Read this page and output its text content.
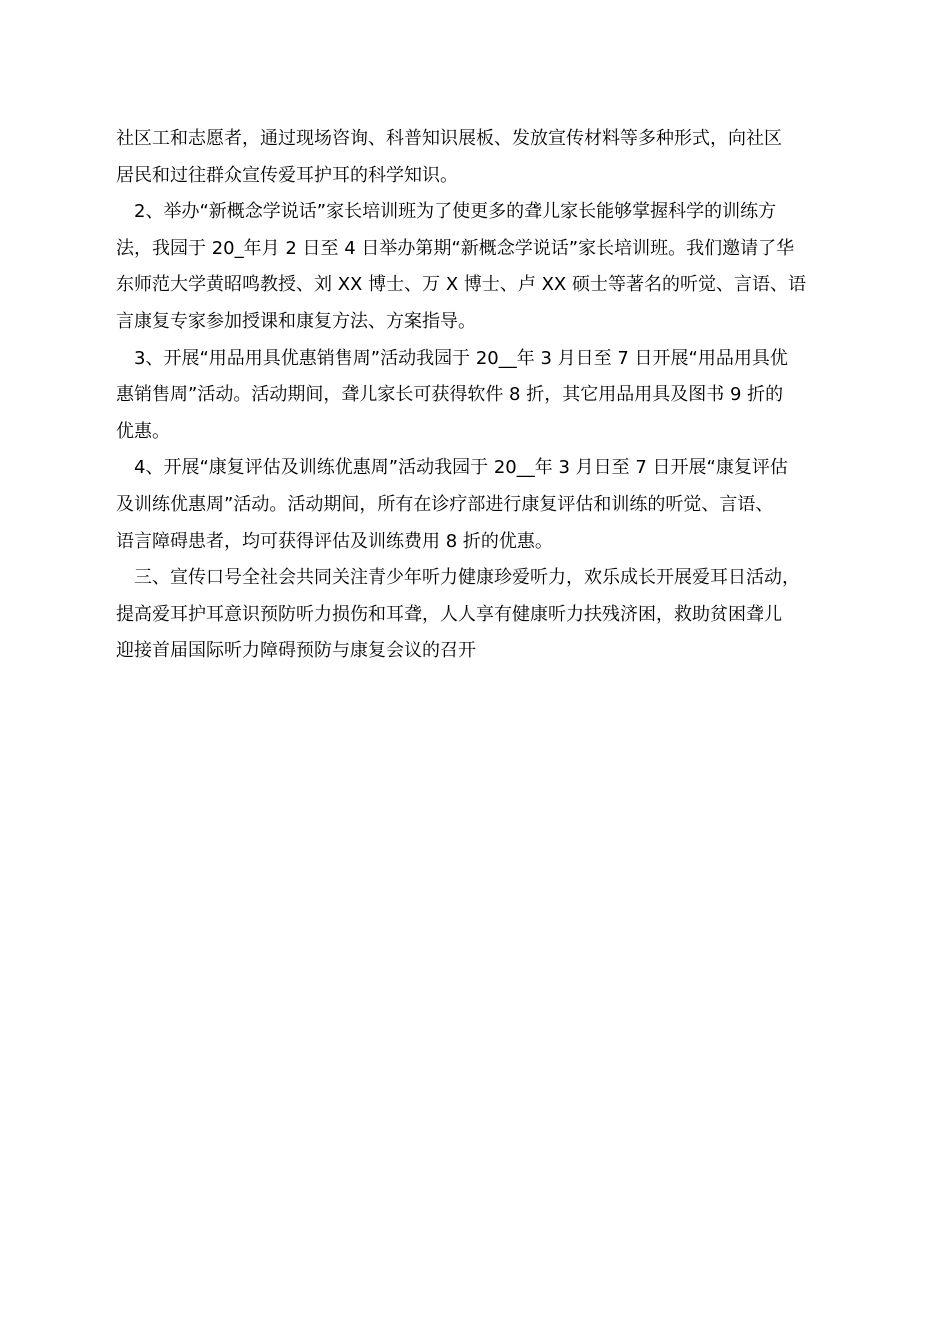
社区工和志愿者，通过现场咨询、科普知识展板、发放宣传材料等多种形式，向社区
居民和过往群众宣传爱耳护耳的科学知识。

2、举办“新概念学说话”家长培训班为了使更多的聋儿家长能够掌握科学的训练方
法，我园于 20_年月 2 日至 4 日举办第期“新概念学说话”家长培训班。我们邀请了华
东师范大学黄昭鸣教授、刘 XX 博士、万 X 博士、卢 XX 硕士等著名的听觉、言语、语
言康复专家参加授课和康复方法、方案指导。

3、开展“用品用具优惠销售周”活动我园于 20__年 3 月日至 7 日开展“用品用具优
惠销售周”活动。活动期间，聋儿家长可获得软件 8 折，其它用品用具及图书 9 折的
优惠。

4、开展“康复评估及训练优惠周”活动我园于 20__年 3 月日至 7 日开展“康复评估
及训练优惠周”活动。活动期间，所有在诊疗部进行康复评估和训练的听觉、言语、
语言障碍患者，均可获得评估及训练费用 8 折的优惠。

三、宣传口号全社会共同关注青少年听力健康珍爱听力，欢乐成长开展爱耳日活动，
提高爱耳护耳意识预防听力损伤和耳聋，人人享有健康听力扶残济困，救助贫困聋儿
迎接首届国际听力障碍预防与康复会议的召开
